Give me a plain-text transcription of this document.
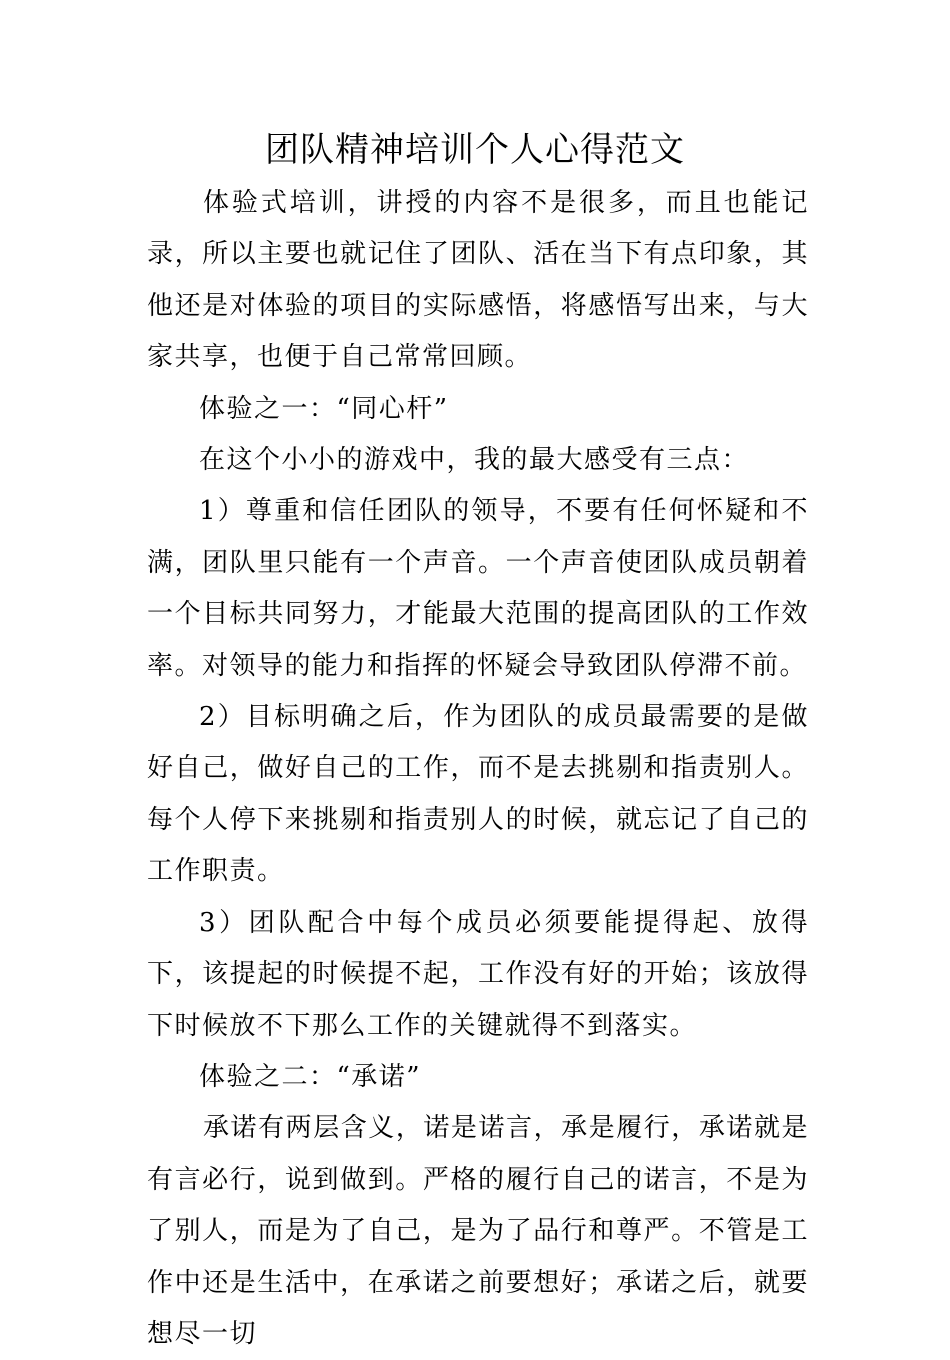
团队精神培训个人心得范文

体验式培训，讲授的内容不是很多，而且也能记录，所以主要也就记住了团队、活在当下有点印象，其他还是对体验的项目的实际感悟，将感悟写出来，与大家共享，也便于自己常常回顾。

体验之一：“同心杆”

在这个小小的游戏中，我的最大感受有三点：

1）尊重和信任团队的领导，不要有任何怀疑和不满，团队里只能有一个声音。一个声音使团队成员朝着一个目标共同努力，才能最大范围的提高团队的工作效率。对领导的能力和指挥的怀疑会导致团队停滞不前。

2）目标明确之后，作为团队的成员最需要的是做好自己，做好自己的工作，而不是去挑剔和指责别人。每个人停下来挑剔和指责别人的时候，就忘记了自己的工作职责。

3）团队配合中每个成员必须要能提得起、放得下，该提起的时候提不起，工作没有好的开始；该放得下时候放不下那么工作的关键就得不到落实。

体验之二：“承诺”

承诺有两层含义，诺是诺言，承是履行，承诺就是有言必行，说到做到。严格的履行自己的诺言，不是为了别人，而是为了自己，是为了品行和尊严。不管是工作中还是生活中，在承诺之前要想好；承诺之后，就要想尽一切
